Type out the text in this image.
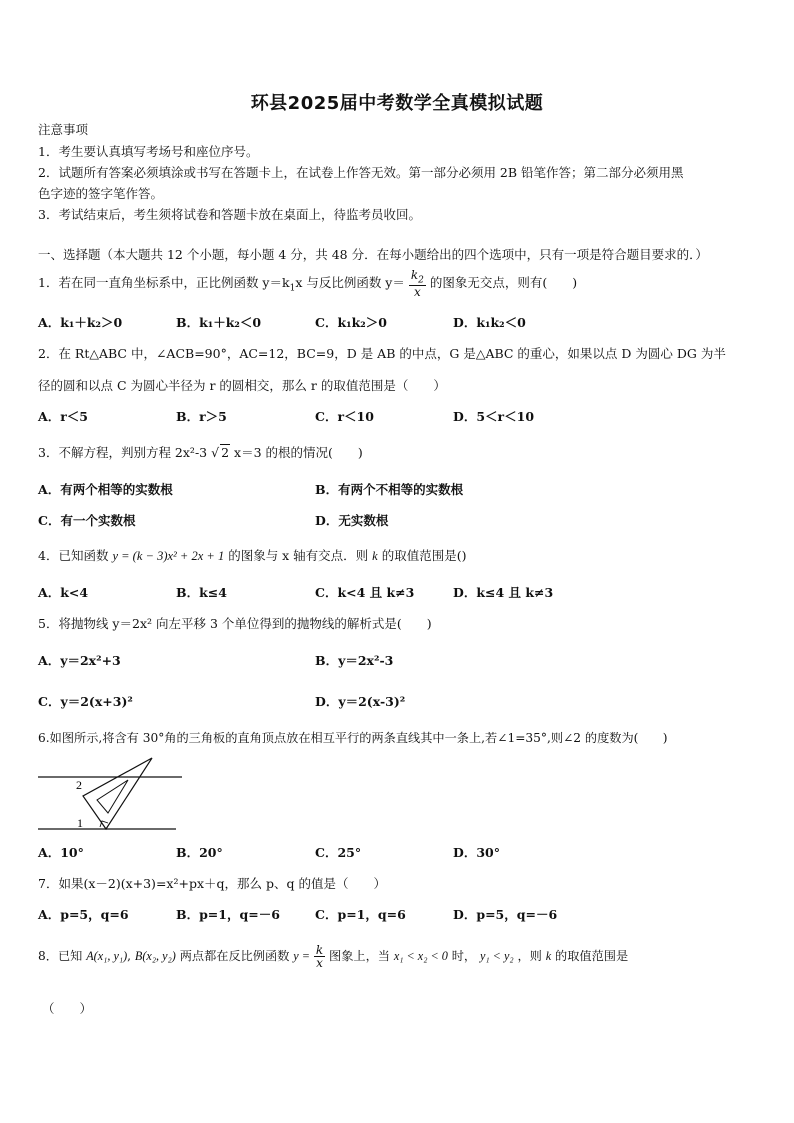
环县2025届中考数学全真模拟试题
注意事项
1．考生要认真填写考场号和座位序号。
2．试题所有答案必须填涂或书写在答题卡上，在试卷上作答无效。第一部分必须用 2B 铅笔作答；第二部分必须用黑
色字迹的签字笔作答。
3．考试结束后，考生须将试卷和答题卡放在桌面上，待监考员收回。
一、选择题（本大题共 12 个小题，每小题 4 分，共 48 分．在每小题给出的四个选项中，只有一项是符合题目要求的．）
1．若在同一直角坐标系中，正比例函数 $y=k_1x$ 与反比例函数 $y= \frac{k_2}{x}$ 的图象无交点，则有(　　)
A．k₁＋k₂＞0	B．k₁＋k₂＜0	C．k₁k₂＞0	D．k₁k₂＜0
2．在 Rt△ABC 中，∠ACB=90°，AC=12，BC=9，D 是 AB 的中点，G 是△ABC 的重心，如果以点 D 为圆心 DG 为半
径的圆和以点 C 为圆心半径为 r 的圆相交，那么 r 的取值范围是（　　）
A．r＜5	B．r＞5	C．r＜10	D．5＜r＜10
3．不解方程，判别方程 2x²-3 √ 2 x＝3 的根的情况(　　)
A．有两个相等的实数根	B．有两个不相等的实数根
C．有一个实数根	D．无实数根
4．已知函数 y = (k − 3)x² + 2x + 1 的图象与 x 轴有交点．则 k 的取值范围是()
A．k<4	B．k≤4	C．k<4 且 k≠3	D．k≤4 且 k≠3
5．将抛物线 y＝2x² 向左平移 3 个单位得到的抛物线的解析式是(　　)
A．y＝2x²+3	B．y＝2x²-3
C．y＝2(x+3)²	D．y＝2(x-3)²
6.如图所示,将含有 30°角的三角板的直角顶点放在相互平行的两条直线其中一条上,若∠1=35°,则∠2 的度数为(　　)
2
1
A．10°	B．20°	C．25°	D．30°
7．如果(x－2)(x+3)=x²+px＋q，那么 p、q 的值是（　　）
A．p=5，q=6	B．p=1，q=－6	C．p=1，q=6	D．p=5，q=－6
8．已知 A(x₁, y₁), B(x₂, y₂) 两点都在反比例函数 $y = \frac{k}{x}$ 图象上，当 x₁ < x₂ < 0 时， y₁ < y₂ ，则 k 的取值范围是
（　　）
